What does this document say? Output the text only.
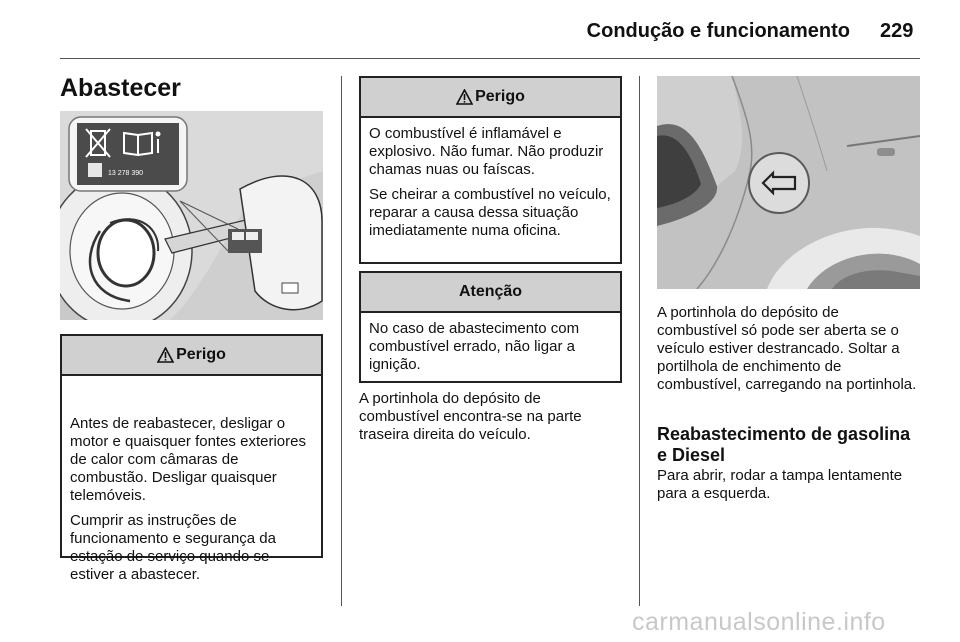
Condução e funcionamento 229
Abastecer
13 278 390
Perigo

Antes de reabastecer, desligar o motor e quaisquer fontes exteriores de calor com câmaras de combustão. Desligar quaisquer telemóveis.

Cumprir as instruções de funcionamento e segurança da estação de serviço quando se estiver a abastecer.

Perigo

O combustível é inflamável e explosivo. Não fumar. Não produzir chamas nuas ou faíscas.

Se cheirar a combustível no veículo, reparar a causa dessa situação imediatamente numa oficina.

Atenção

No caso de abastecimento com combustível errado, não ligar a ignição.

A portinhola do depósito de combustível encontra-se na parte traseira direita do veículo.
A portinhola do depósito de combustível só pode ser aberta se o veículo estiver destrancado. Soltar a portilhola de enchimento de combustível, carregando na portinhola.
Reabastecimento de gasolina e Diesel
Para abrir, rodar a tampa lentamente para a esquerda.
carmanualsonline.info
